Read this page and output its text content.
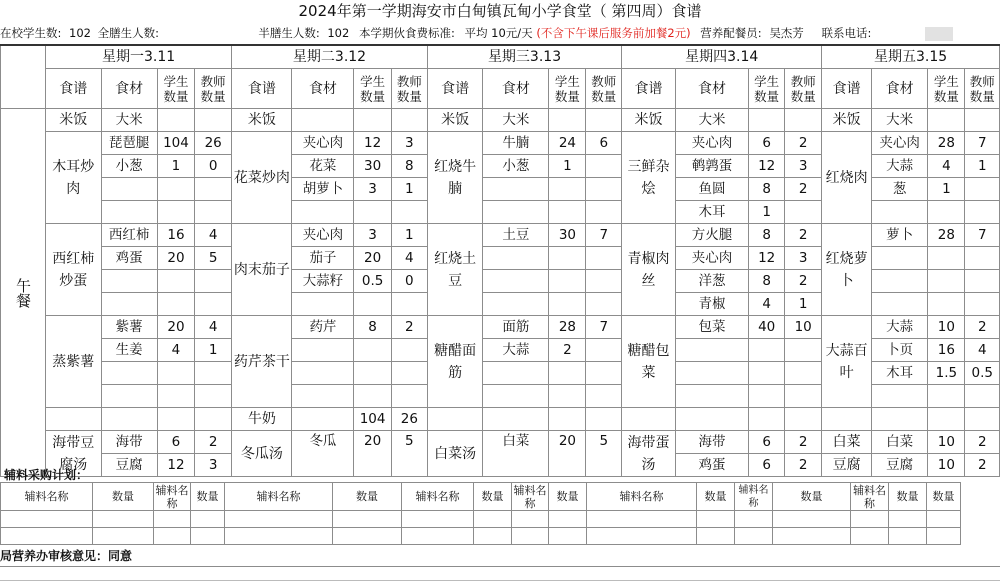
2024年第一学期海安市白甸镇瓦甸小学食堂（ 第四周）食谱
在校学生数: 102 全膳生人数:	半膳生人数: 102 本学期伙食费标准: 平均 10元/天 (不含下午课后服务前加餐2元) 营养配餐员: 吴杰芳 联系电话:
	星期一3.11				星期二3.12				星期三3.13				星期四3.14				星期五3.15			
	食谱	食材	学生数量	教师数量	食谱	食材	学生数量	教师数量	食谱	食材	学生数量	教师数量	食谱	食材	学生数量	教师数量	食谱	食材	学生数量	教师数量
午餐	米饭	大米			米饭				米饭	大米			米饭	大米			米饭	大米		
	木耳炒肉	琵琶腿	104	26	花菜炒肉	夹心肉	12	3	红烧牛腩	牛腩	24	6	三鲜杂烩	夹心肉	6	2	红烧肉	夹心肉	28	7
		小葱	1	0		花菜	30	8		小葱	1			鹌鹑蛋	12	3		大蒜	4	1
						胡萝卜	3	1						鱼圆	8	2		葱	1	
														木耳	1					
	西红柿炒蛋	西红柿	16	4	肉末茄子	夹心肉	3	1	红烧土豆	土豆	30	7	青椒肉丝	方火腿	8	2	红烧萝卜	萝卜	28	7
		鸡蛋	20	5		茄子	20	4						夹心肉	12	3				
						大蒜籽	0.5	0						洋葱	8	2				
														青椒	4	1				
	蒸紫薯	紫薯	20	4	药芹茶干	药芹	8	2	糖醋面筋	面筋	28	7	糖醋包菜	包菜	40	10	大蒜百叶	大蒜	10	2
		生姜	4	1						大蒜	2							卜页	16	4
																		木耳	1.5	0.5

					牛奶		104	26												
	海带豆腐汤	海带	6	2	冬瓜汤	冬瓜	20	5	白菜汤	白菜	20	5	海带蛋汤	海带	6	2	白菜	白菜	10	2
		豆腐	12	3										鸡蛋	6	2	豆腐	豆腐	10	2
辅料采购计划：
辅料名称	数量	辅料名称	数量	辅料名称	数量	辅料名称	数量	辅料名称	数量	辅料名称	数量	辅料名称	数量	辅料名称	数量	数量

局营养办审核意见：同意
